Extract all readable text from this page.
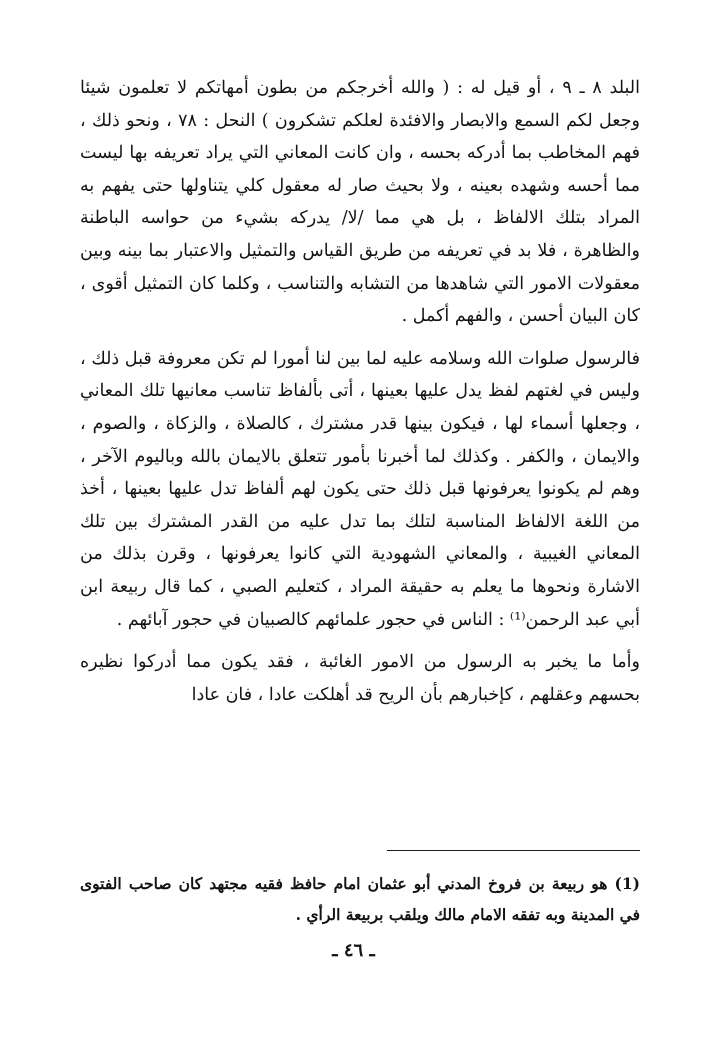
البلد ٨ ـ ٩ ، أو قيل له : ( والله أخرجكم من بطون أمهاتكم لا تعلمون شيئا وجعل لكم السمع والابصار والافئدة لعلكم تشكرون ) النحل : ٧٨ ، ونحو ذلك ، فهم المخاطب بما أدركه بحسه ، وان كانت المعاني التي يراد تعريفه بها ليست مما أحسه وشهده بعينه ، ولا بحيث صار له معقول كلي يتناولها حتى يفهم به المراد بتلك الالفاظ ، بل هي مما /لا/ يدركه بشيء من حواسه الباطنة والظاهرة ، فلا بد في تعريفه من طريق القياس والتمثيل والاعتبار بما بينه وبين معقولات الامور التي شاهدها من التشابه والتناسب ، وكلما كان التمثيل أقوى ، كان البيان أحسن ، والفهم أكمل .

فالرسول صلوات الله وسلامه عليه لما بين لنا أمورا لم تكن معروفة قبل ذلك ، وليس في لغتهم لفظ يدل عليها بعينها ، أتى بألفاظ تناسب معانيها تلك المعاني ، وجعلها أسماء لها ، فيكون بينها قدر مشترك ، كالصلاة ، والزكاة ، والصوم ، والايمان ، والكفر . وكذلك لما أخبرنا بأمور تتعلق بالايمان بالله وباليوم الآخر ، وهم لم يكونوا يعرفونها قبل ذلك حتى يكون لهم ألفاظ تدل عليها بعينها ، أخذ من اللغة الالفاظ المناسبة لتلك بما تدل عليه من القدر المشترك بين تلك المعاني الغيبية ، والمعاني الشهودية التي كانوا يعرفونها ، وقرن بذلك من الاشارة ونحوها ما يعلم به حقيقة المراد ، كتعليم الصبي ، كما قال ربيعة ابن أبي عبد الرحمن⁽¹⁾ : الناس في حجور علمائهم كالصبيان في حجور آبائهم .

وأما ما يخبر به الرسول من الامور الغائبة ، فقد يكون مما أدركوا نظيره بحسهم وعقلهم ، كإخبارهم بأن الريح قد أهلكت عادا ، فان عادا

(1) هو ربيعة بن فروخ المدني أبو عثمان امام حافظ فقيه مجتهد كان صاحب الفتوى في المدينة وبه تفقه الامام مالك ويلقب بربيعة الرأي .
ـ ٤٦ ـ
